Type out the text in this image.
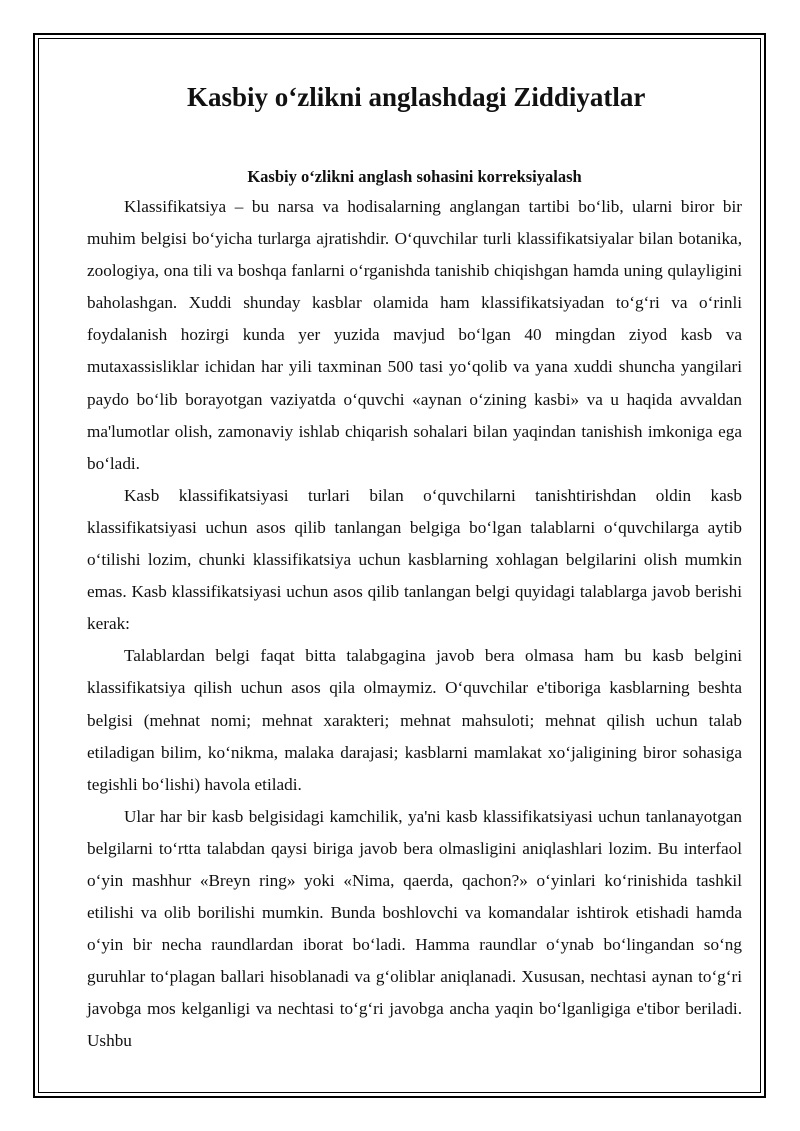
Kasbiy o‘zlikni anglashdagi Ziddiyatlar
Kasbiy o‘zlikni anglash sohasini korreksiyalash

Klassifikatsiya – bu narsa va hodisalarning anglangan tartibi bo‘lib, ularni biror bir muhim belgisi bo‘yicha turlarga ajratishdir. O‘quvchilar turli klassifikatsiyalar bilan botanika, zoologiya, ona tili va boshqa fanlarni o‘rganishda tanishib chiqishgan hamda uning qulayligini baholashgan. Xuddi shunday kasblar olamida ham klassifikatsiyadan to‘g‘ri va o‘rinli foydalanish hozirgi kunda yer yuzida mavjud bo‘lgan 40 mingdan ziyod kasb va mutaxassisliklar ichidan har yili taxminan 500 tasi yo‘qolib va yana xuddi shuncha yangilari paydo bo‘lib borayotgan vaziyatda o‘quvchi «aynan o‘zining kasbi» va u haqida avvaldan ma'lumotlar olish, zamonaviy ishlab chiqarish sohalari bilan yaqindan tanishish imkoniga ega bo‘ladi.

Kasb klassifikatsiyasi turlari bilan o‘quvchilarni tanishtirishdan oldin kasb klassifikatsiyasi uchun asos qilib tanlangan belgiga bo‘lgan talablarni o‘quvchilarga aytib o‘tilishi lozim, chunki klassifikatsiya uchun kasblarning xohlagan belgilarini olish mumkin emas. Kasb klassifikatsiyasi uchun asos qilib tanlangan belgi quyidagi talablarga javob berishi kerak:

Talablardan belgi faqat bitta talabgagina javob bera olmasa ham bu kasb belgini klassifikatsiya qilish uchun asos qila olmaymiz. O‘quvchilar e'tiboriga kasblarning beshta belgisi (mehnat nomi; mehnat xarakteri; mehnat mahsuloti; mehnat qilish uchun talab etiladigan bilim, ko‘nikma, malaka darajasi; kasblarni mamlakat xo‘jaligining biror sohasiga tegishli bo‘lishi) havola etiladi.

Ular har bir kasb belgisidagi kamchilik, ya'ni kasb klassifikatsiyasi uchun tanlanayotgan belgilarni to‘rtta talabdan qaysi biriga javob bera olmasligini aniqlashlari lozim. Bu interfaol o‘yin mashhur «Breyn ring» yoki «Nima, qaerda, qachon?» o‘yinlari ko‘rinishida tashkil etilishi va olib borilishi mumkin. Bunda boshlovchi va komandalar ishtirok etishadi hamda o‘yin bir necha raundlardan iborat bo‘ladi. Hamma raundlar o‘ynab bo‘lingandan so‘ng guruhlar to‘plagan ballari hisoblanadi va g‘oliblar aniqlanadi. Xususan, nechtasi aynan to‘g‘ri javobga mos kelganligi va nechtasi to‘g‘ri javobga ancha yaqin bo‘lganligiga e'tibor beriladi. Ushbu
